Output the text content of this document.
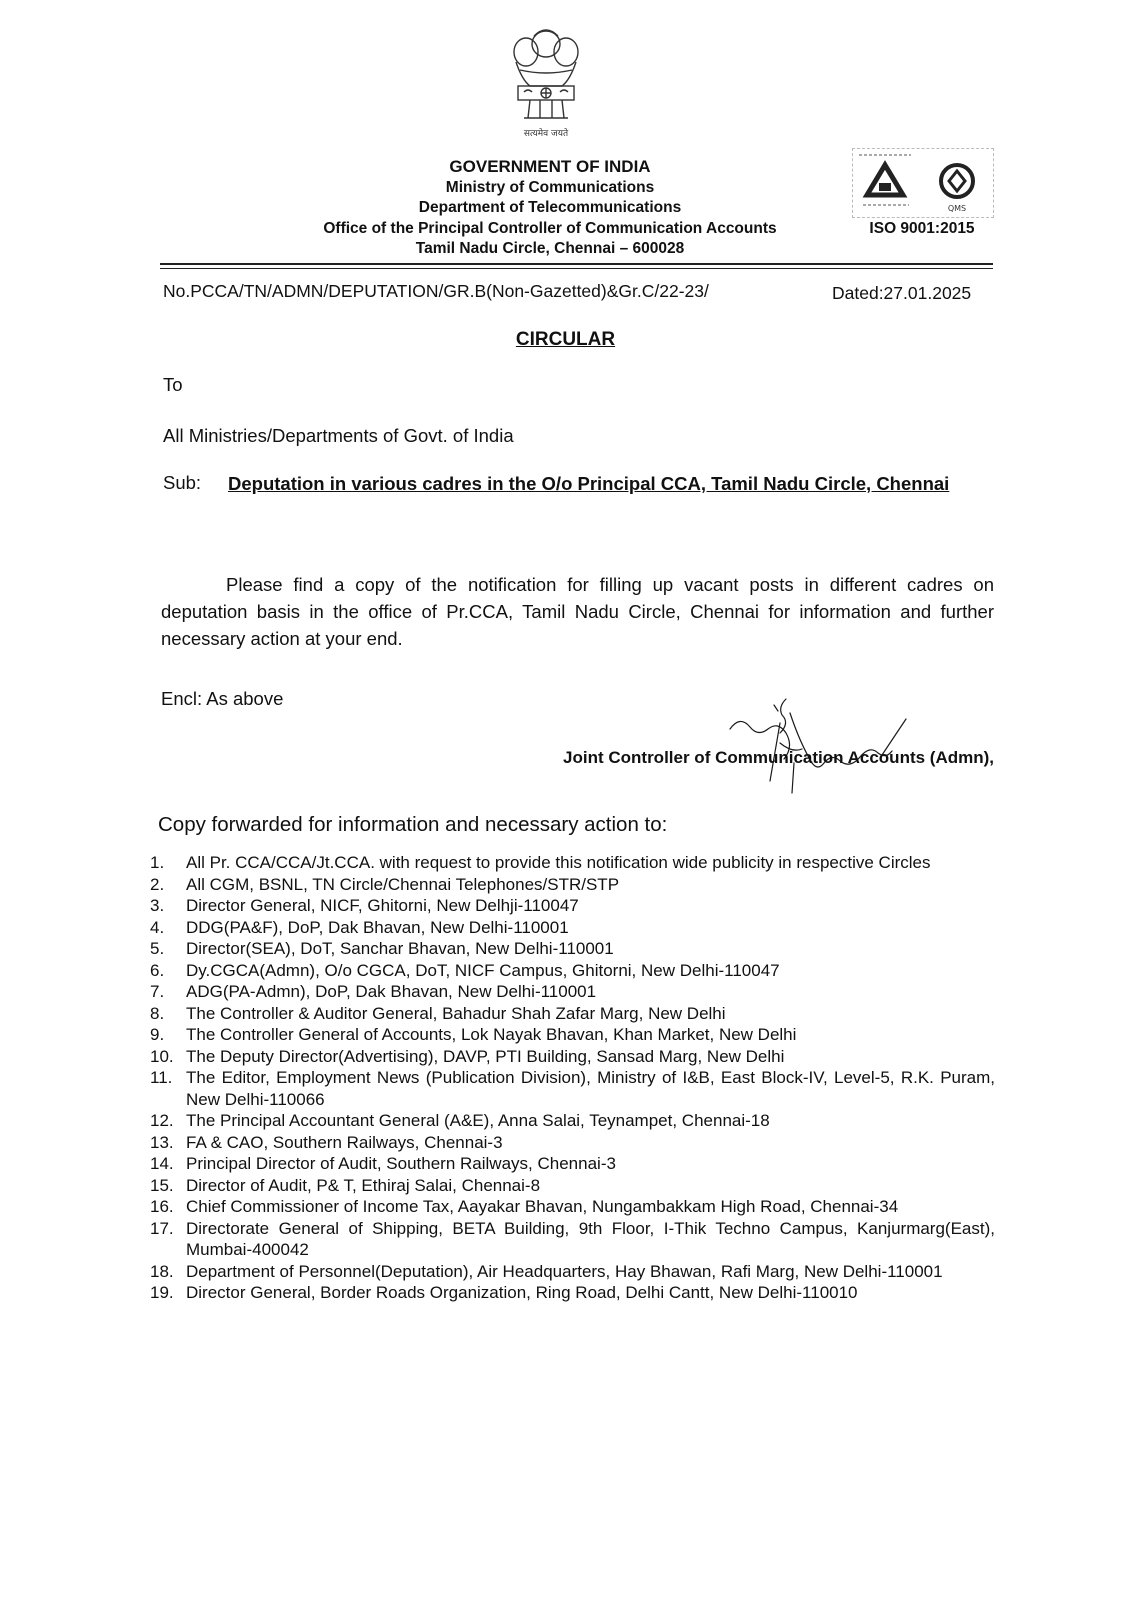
सत्यमेव जयते
GOVERNMENT OF INDIA
Ministry of Communications
Department of Telecommunications
Office of the Principal Controller of Communication Accounts
Tamil Nadu Circle, Chennai – 600028
QMS
ISO 9001:2015
No.PCCA/TN/ADMN/DEPUTATION/GR.B(Non-Gazetted)&Gr.C/22-23/	Dated:27.01.2025
CIRCULAR
To
All Ministries/Departments of Govt. of India
Sub: Deputation in various cadres in the O/o Principal CCA, Tamil Nadu Circle, Chennai
Please find a copy of the notification for filling up vacant posts in different cadres on deputation basis in the office of Pr.CCA, Tamil Nadu Circle, Chennai for information and further necessary action at your end.
Encl: As above
Joint Controller of Communication Accounts (Admn),
Copy forwarded for information and necessary action to:
1.	All Pr. CCA/CCA/Jt.CCA. with request to provide this notification wide publicity in respective Circles
2.	All CGM, BSNL, TN Circle/Chennai Telephones/STR/STP
3.	Director General, NICF, Ghitorni, New Delhji-110047
4.	DDG(PA&F), DoP, Dak Bhavan, New Delhi-110001
5.	Director(SEA), DoT, Sanchar Bhavan, New Delhi-110001
6.	Dy.CGCA(Admn), O/o CGCA, DoT, NICF Campus, Ghitorni, New Delhi-110047
7.	ADG(PA-Admn), DoP, Dak Bhavan, New Delhi-110001
8.	The Controller & Auditor General, Bahadur Shah Zafar Marg, New Delhi
9.	The Controller General of Accounts, Lok Nayak Bhavan, Khan Market, New Delhi
10. The Deputy Director(Advertising), DAVP, PTI Building, Sansad Marg, New Delhi
11. The Editor, Employment News (Publication Division), Ministry of I&B, East Block-IV, Level-5, R.K. Puram, New Delhi-110066
12. The Principal Accountant General (A&E), Anna Salai, Teynampet, Chennai-18
13. FA & CAO, Southern Railways, Chennai-3
14. Principal Director of Audit, Southern Railways, Chennai-3
15. Director of Audit, P& T, Ethiraj Salai, Chennai-8
16. Chief Commissioner of Income Tax, Aayakar Bhavan, Nungambakkam High Road, Chennai-34
17. Directorate General of Shipping, BETA Building, 9th Floor, I-Thik Techno Campus, Kanjurmarg(East), Mumbai-400042
18. Department of Personnel(Deputation), Air Headquarters, Hay Bhawan, Rafi Marg, New Delhi-110001
19. Director General, Border Roads Organization, Ring Road, Delhi Cantt, New Delhi-110010
